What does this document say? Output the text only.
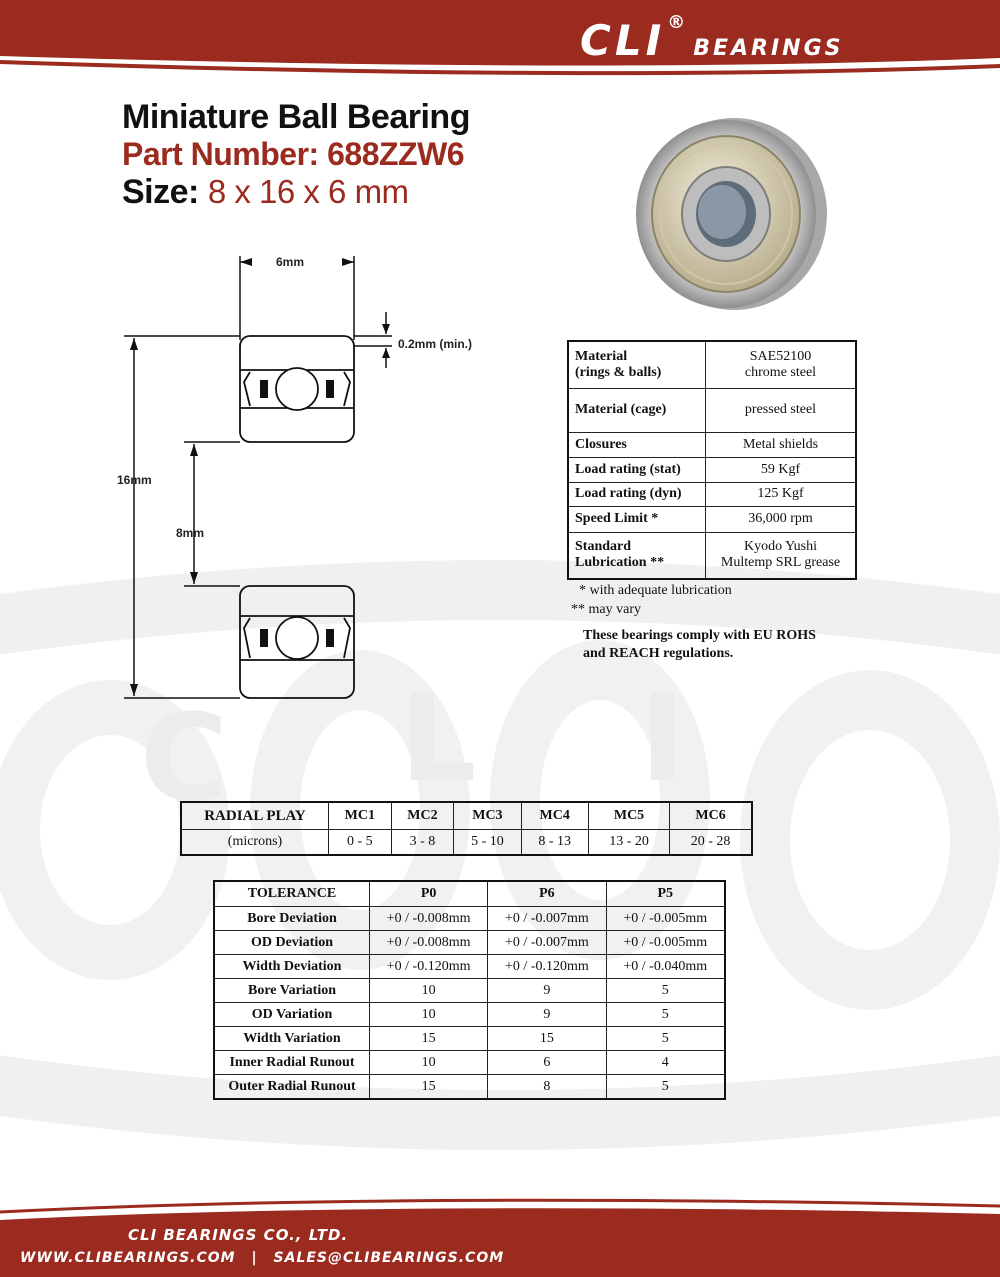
C L I
CLI ®BEARINGS
Miniature Ball Bearing
Part Number: 688ZZW6
Size: 8 x 16 x 6 mm
6mm
0.2mm (min.)
16mm
8mm
Material
(rings & balls)	SAE52100
chrome steel
Material (cage)	pressed steel
Closures	Metal shields
Load rating (stat)	59 Kgf
Load rating (dyn)	125 Kgf
Speed Limit *	36,000 rpm
Standard
Lubrication **	Kyodo Yushi
Multemp SRL grease
* with adequate lubrication
** may vary
These bearings comply with EU ROHS
and REACH regulations.
RADIAL PLAY	MC1	MC2	MC3	MC4	MC5	MC6
(microns)	0 - 5	3 - 8	5 - 10	8 - 13	13 - 20	20 - 28
TOLERANCE	P0	P6	P5
Bore Deviation	+0 / -0.008mm	+0 / -0.007mm	+0 / -0.005mm
OD Deviation	+0 / -0.008mm	+0 / -0.007mm	+0 / -0.005mm
Width Deviation	+0 / -0.120mm	+0 / -0.120mm	+0 / -0.040mm
Bore Variation	10	9	5
OD Variation	10	9	5
Width Variation	15	15	5
Inner Radial Runout	10	6	4
Outer Radial Runout	15	8	5
CLI BEARINGS CO., LTD.
WWW.CLIBEARINGS.COM | SALES@CLIBEARINGS.COM
